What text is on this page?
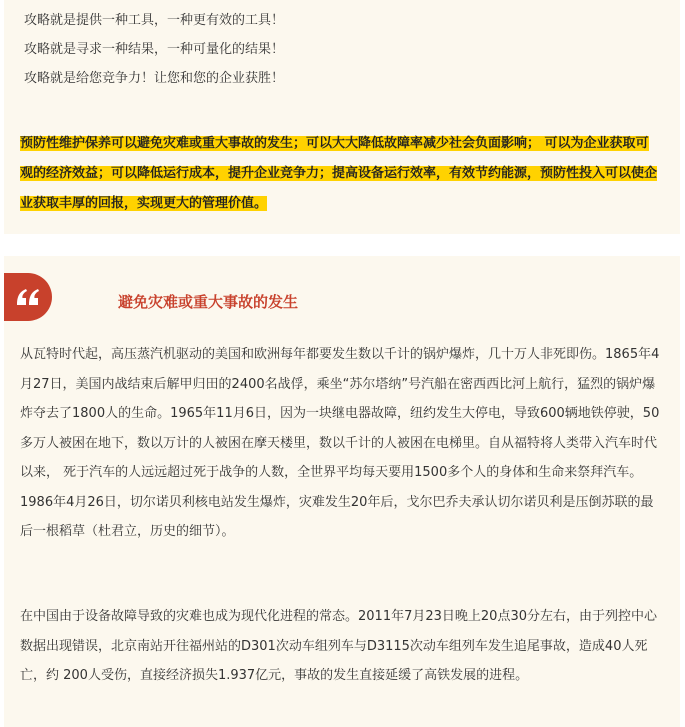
攻略就是提供一种工具，一种更有效的工具！
攻略就是寻求一种结果，一种可量化的结果！
攻略就是给您竞争力！让您和您的企业获胜！
预防性维护保养可以避免灾难或重大事故的发生；可以大大降低故障率减少社会负面影响； 可以为企业获取可观的经济效益；可以降低运行成本，提升企业竞争力；提高设备运行效率，有效节约能源，预防性投入可以使企业获取丰厚的回报，实现更大的管理价值。
避免灾难或重大事故的发生

从瓦特时代起，高压蒸汽机驱动的美国和欧洲每年都要发生数以千计的锅炉爆炸，几十万人非死即伤。1865年4月27日，美国内战结束后解甲归田的2400名战俘，乘坐“苏尔塔纳”号汽船在密西西比河上航行，猛烈的锅炉爆炸夺去了1800人的生命。1965年11月6日，因为一块继电器故障，纽约发生大停电，导致600辆地铁停驶，50多万人被困在地下，数以万计的人被困在摩天楼里，数以千计的人被困在电梯里。自从福特将人类带入汽车时代以来， 死于汽车的人远远超过死于战争的人数，全世界平均每天要用1500多个人的身体和生命来祭拜汽车。1986年4月26日，切尔诺贝利核电站发生爆炸，灾难发生20年后，戈尔巴乔夫承认切尔诺贝利是压倒苏联的最后一根稻草（杜君立，历史的细节）。

在中国由于设备故障导致的灾难也成为现代化进程的常态。2011年7月23日晚上20点30分左右，由于列控中心数据出现错误，北京南站开往福州站的D301次动车组列车与D3115次动车组列车发生追尾事故，造成40人死亡，约 200人受伤，直接经济损失1.937亿元，事故的发生直接延缓了高铁发展的进程。
